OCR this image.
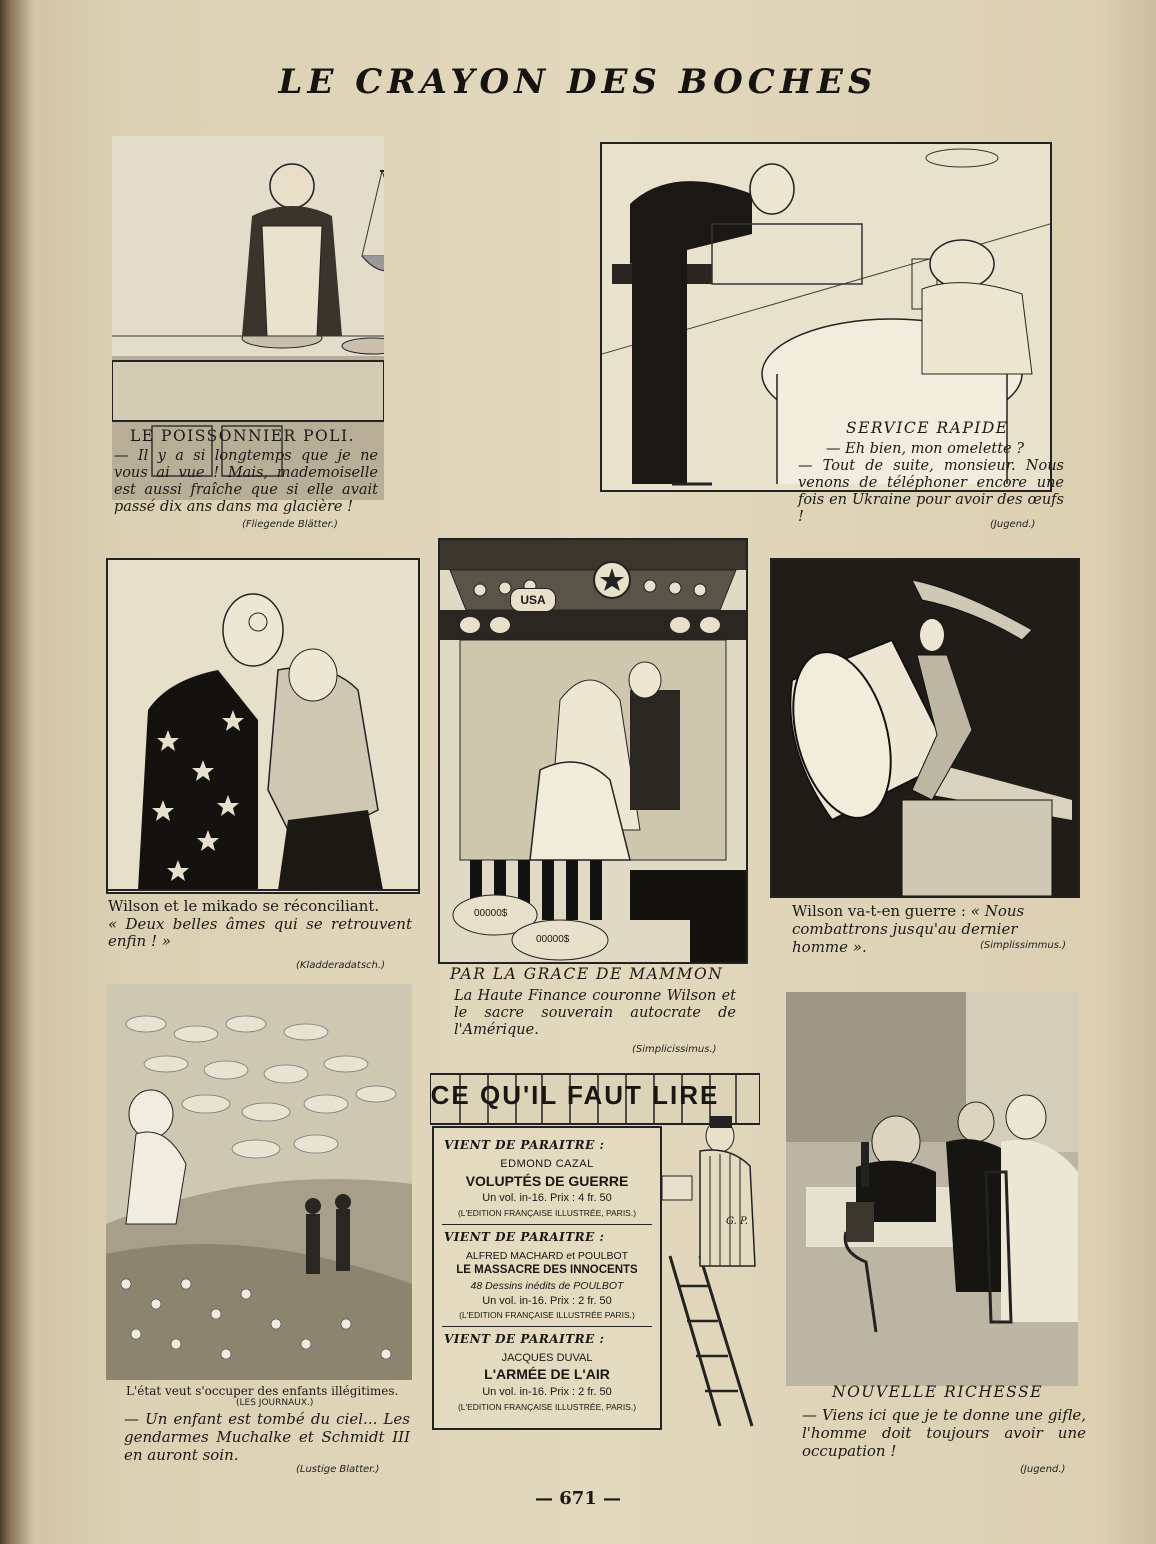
LE CRAYON DES BOCHES
LE POISSONNIER POLI.
— Il y a si longtemps que je ne vous ai vue ! Mais, mademoiselle est aussi fraîche que si elle avait passé dix ans dans ma glacière !
(Fliegende Blätter.)
SERVICE RAPIDE
— Eh bien, mon omelette ?
— Tout de suite, monsieur. Nous venons de téléphoner encore une fois en Ukraine pour avoir des œufs !	(Jugend.)
Wilson et le mikado se réconciliant.
« Deux belles âmes qui se retrouvent enfin ! »
(Kladderadatsch.)
USA
00000$
00000$
PAR LA GRACE DE MAMMON
La Haute Finance couronne Wilson et le sacre souverain autocrate de l'Amérique.
(Simplicissimus.)
Wilson va-t-en guerre : « Nous combattrons jusqu'au dernier homme ».	(Simplissimmus.)
L'état veut s'occuper des enfants illégitimes.
(LES JOURNAUX.)
— Un enfant est tombé du ciel... Les gendarmes Muchalke et Schmidt III en auront soin.
(Lustige Blatter.)
CE QU'IL FAUT LIRE
VIENT DE PARAITRE :
EDMOND CAZAL
VOLUPTÉS DE GUERRE
Un vol. in-16. Prix : 4 fr. 50
(L'EDITION FRANÇAISE ILLUSTRÉE, PARIS.)
VIENT DE PARAITRE :
ALFRED MACHARD et POULBOT
LE MASSACRE DES INNOCENTS
48 Dessins inédits de POULBOT
Un vol. in-16. Prix : 2 fr. 50
(L'EDITION FRANÇAISE ILLUSTRÉE PARIS.)
VIENT DE PARAITRE :
JACQUES DUVAL
L'ARMÉE DE L'AIR
Un vol. in-16. Prix : 2 fr. 50
(L'EDITION FRANÇAISE ILLUSTRÉE, PARIS.)
G. P.
NOUVELLE RICHESSE
— Viens ici que je te donne une gifle, l'homme doit toujours avoir une occupation !
(Jugend.)
— 671 —
